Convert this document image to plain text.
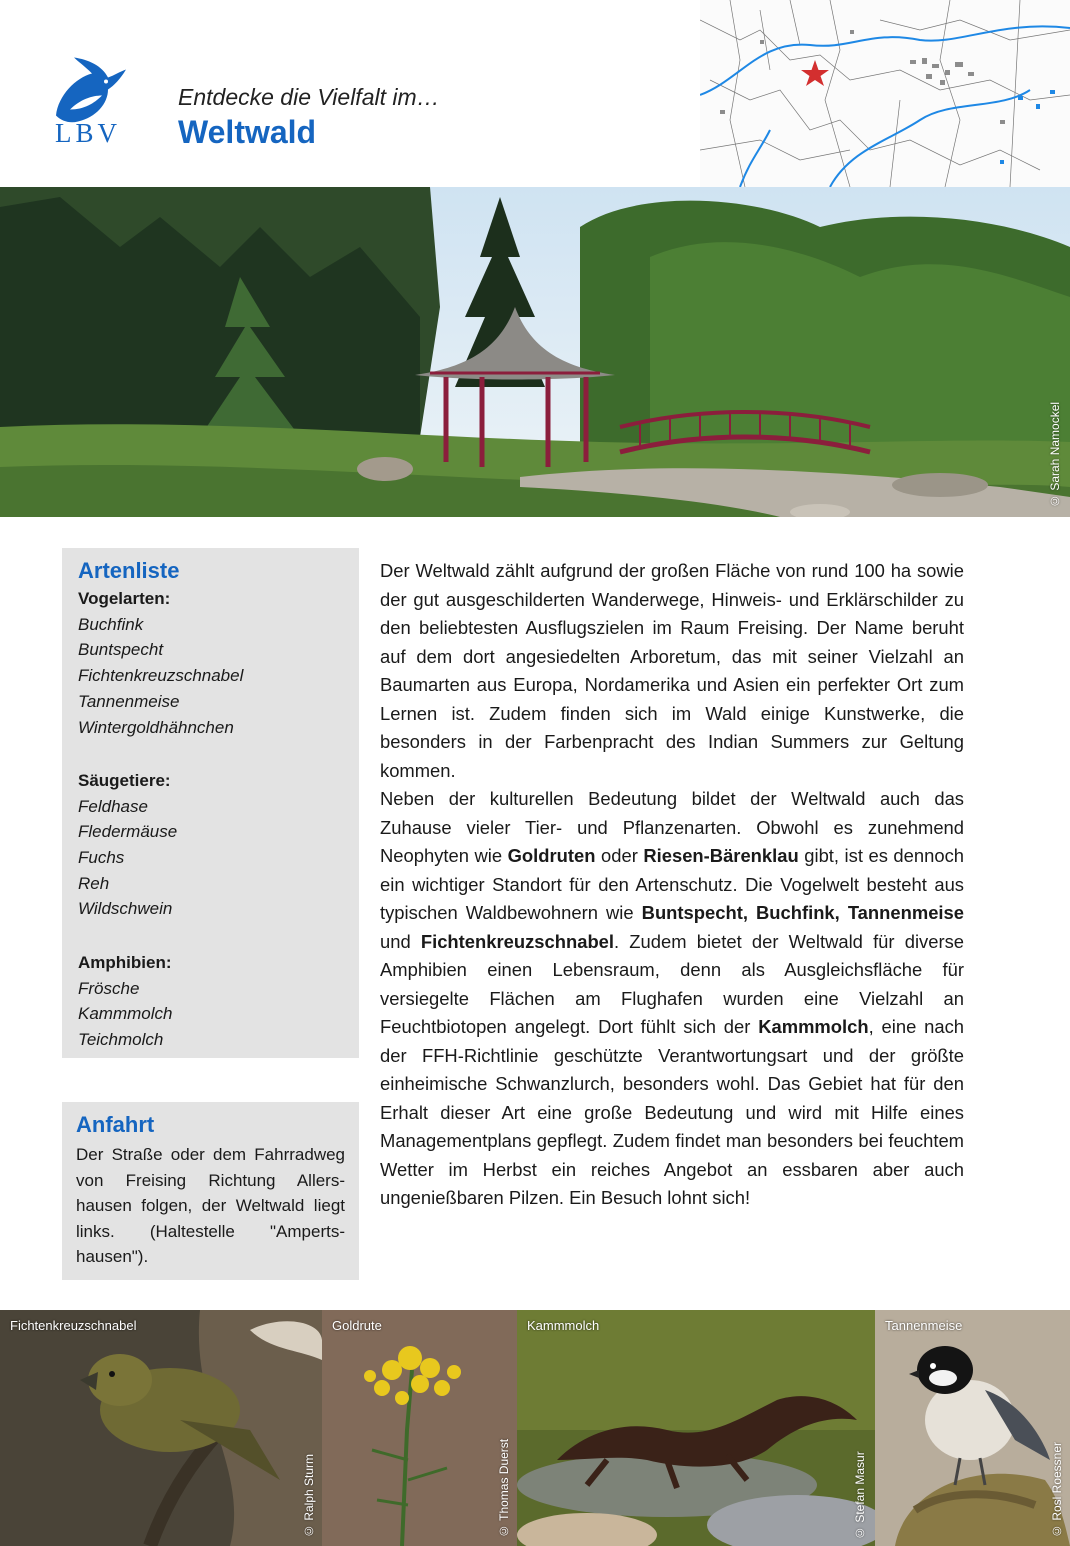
LBV
Entdecke die Vielfalt im…
Weltwald
© Sarah Namockel
Artenliste
Vogelarten:
Buchfink
Buntspecht
Fichtenkreuzschnabel
Tannenmeise
Wintergoldhähnchen
Säugetiere:
Feldhase
Fledermäuse
Fuchs
Reh
Wildschwein
Amphibien:
Frösche
Kammmolch
Teichmolch
Anfahrt

Der Straße oder dem Fahrradweg von Freising Richtung Allers-hausen folgen, der Weltwald liegt links. (Haltestelle "Amperts-hausen").

Der Weltwald zählt aufgrund der großen Fläche von rund 100 ha sowie der gut ausgeschilderten Wanderwege, Hinweis- und Erklärschilder zu den beliebtesten Ausflugszielen im Raum Freising. Der Name beruht auf dem dort angesiedelten Arboretum, das mit seiner Vielzahl an Baumarten aus Europa, Nordamerika und Asien ein perfekter Ort zum Lernen ist. Zudem finden sich im Wald einige Kunstwerke, die besonders in der Farbenpracht des Indian Summers zur Geltung kommen.

Neben der kulturellen Bedeutung bildet der Weltwald auch das Zuhause vieler Tier- und Pflanzenarten. Obwohl es zunehmend Neophyten wie Goldruten oder Riesen-Bärenklau gibt, ist es dennoch ein wichtiger Standort für den Artenschutz. Die Vogelwelt besteht aus typischen Waldbewohnern wie Buntspecht, Buchfink, Tannenmeise und Fichtenkreuzschnabel. Zudem bietet der Weltwald für diverse Amphibien einen Lebensraum, denn als Ausgleichsfläche für versiegelte Flächen am Flughafen wurden eine Vielzahl an Feuchtbiotopen angelegt. Dort fühlt sich der Kammmolch, eine nach der FFH-Richtlinie geschützte Verantwortungsart und der größte einheimische Schwanzlurch, besonders wohl. Das Gebiet hat für den Erhalt dieser Art eine große Bedeutung und wird mit Hilfe eines Managementplans gepflegt. Zudem findet man besonders bei feuchtem Wetter im Herbst ein reiches Angebot an essbaren aber auch ungenießbaren Pilzen. Ein Besuch lohnt sich!

Fichtenkreuzschnabel
© Ralph Sturm
Goldrute
© Thomas Duerst
Kammmolch
© Stefan Masur
Tannenmeise
© Rosl Roessner
